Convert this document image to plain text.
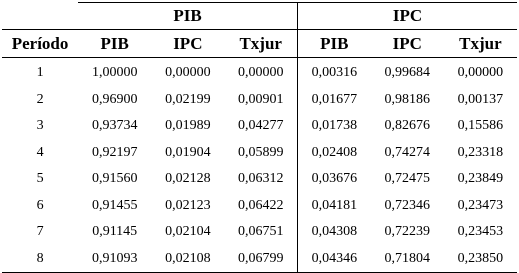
	PIB			IPC		
Período	PIB	IPC	Txjur	PIB	IPC	Txjur
1	1,00000	0,00000	0,00000	0,00316	0,99684	0,00000
2	0,96900	0,02199	0,00901	0,01677	0,98186	0,00137
3	0,93734	0,01989	0,04277	0,01738	0,82676	0,15586
4	0,92197	0,01904	0,05899	0,02408	0,74274	0,23318
5	0,91560	0,02128	0,06312	0,03676	0,72475	0,23849
6	0,91455	0,02123	0,06422	0,04181	0,72346	0,23473
7	0,91145	0,02104	0,06751	0,04308	0,72239	0,23453
8	0,91093	0,02108	0,06799	0,04346	0,71804	0,23850
